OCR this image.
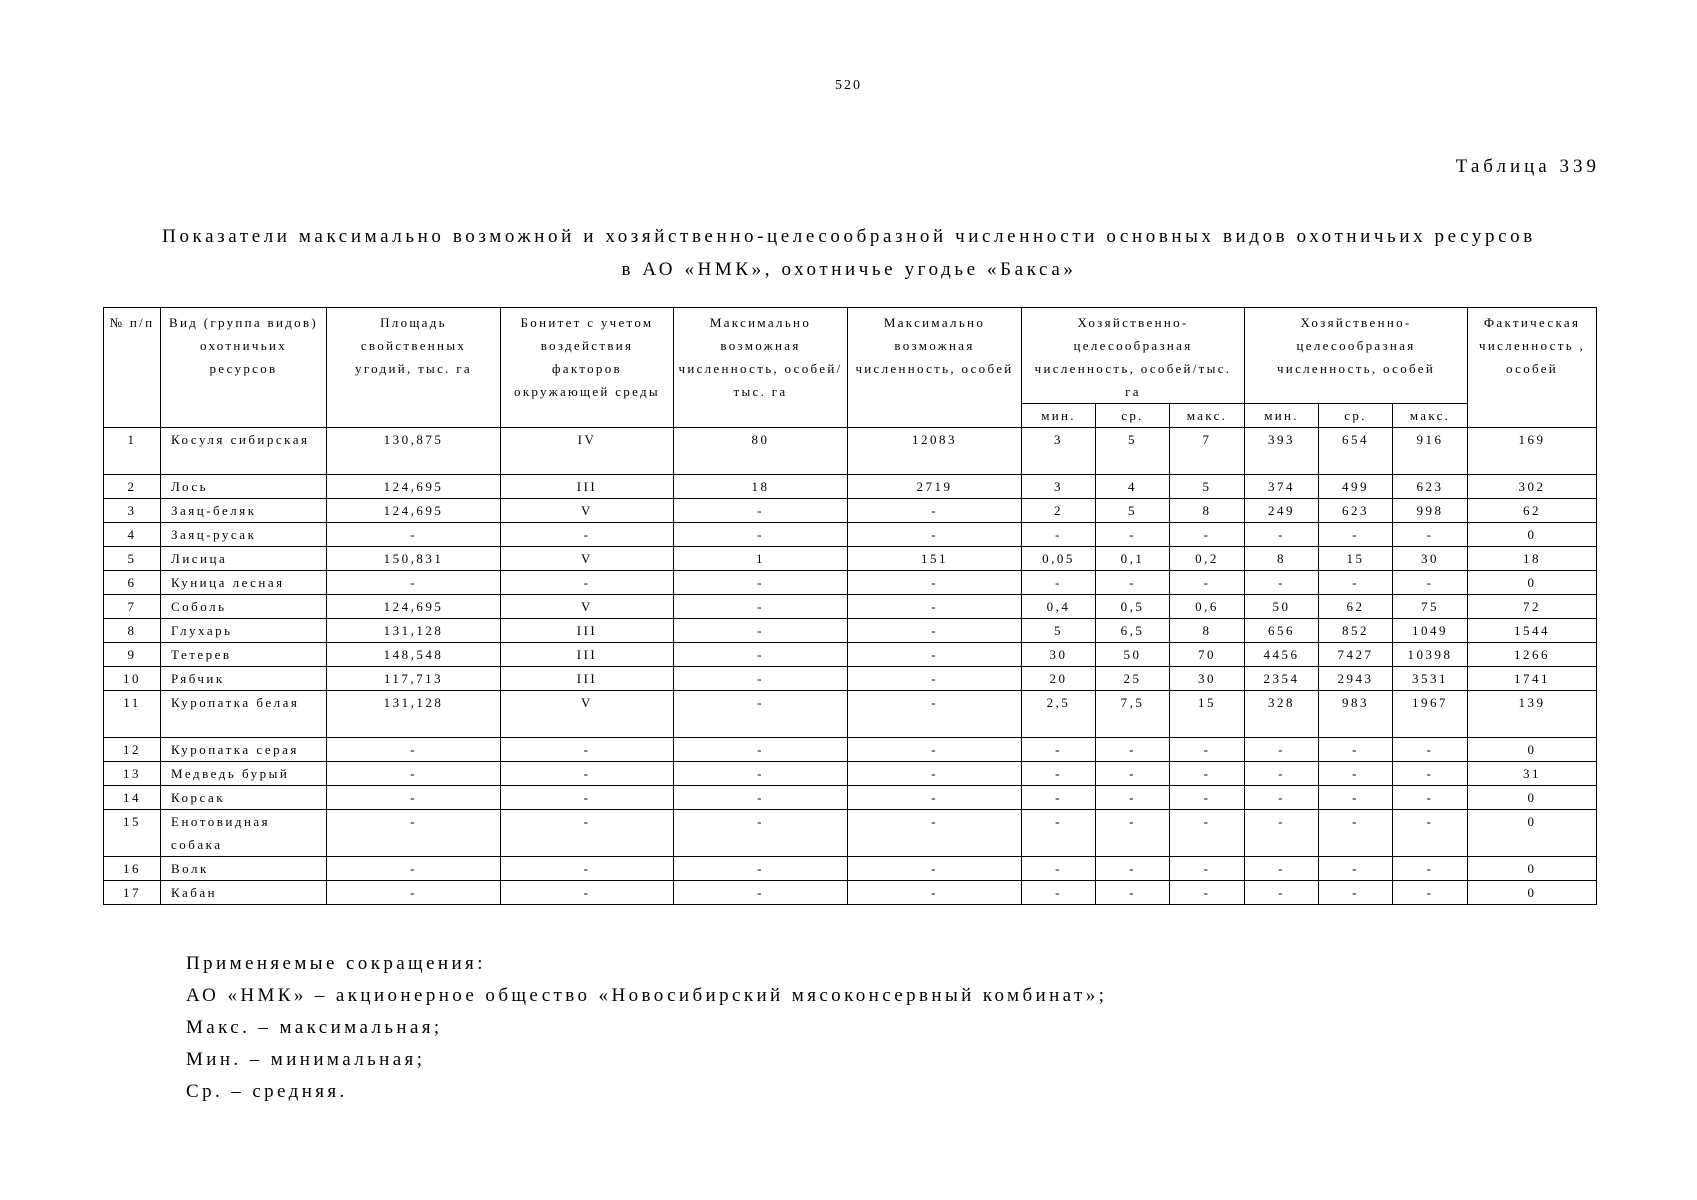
520
Таблица 339
Показатели максимально возможной и хозяйственно-целесообразной численности основных видов охотничьих ресурсов
в АО «НМК», охотничье угодье «Бакса»
№ п/п	Вид (группа видов) охотничьих ресурсов	Площадь свойственных угодий, тыс. га	Бонитет с учетом воздействия факторов окружающей среды	Максимально возможная численность, особей/тыс. га	Максимально возможная численность, особей	Хозяйственно-целесообразная численность, особей/тыс. га			Хозяйственно-целесообразная численность, особей			Фактическая численность , особей
						мин.	ср.	макс.	мин.	ср.	макс.	
1	Косуля сибирская	130,875	IV	80	12083	3	5	7	393	654	916	169
2	Лось	124,695	III	18	2719	3	4	5	374	499	623	302
3	Заяц-беляк	124,695	V	-	-	2	5	8	249	623	998	62
4	Заяц-русак	-	-	-	-	-	-	-	-	-	-	0
5	Лисица	150,831	V	1	151	0,05	0,1	0,2	8	15	30	18
6	Куница лесная	-	-	-	-	-	-	-	-	-	-	0
7	Соболь	124,695	V	-	-	0,4	0,5	0,6	50	62	75	72
8	Глухарь	131,128	III	-	-	5	6,5	8	656	852	1049	1544
9	Тетерев	148,548	III	-	-	30	50	70	4456	7427	10398	1266
10	Рябчик	117,713	III	-	-	20	25	30	2354	2943	3531	1741
11	Куропатка белая	131,128	V	-	-	2,5	7,5	15	328	983	1967	139
12	Куропатка серая	-	-	-	-	-	-	-	-	-	-	0
13	Медведь бурый	-	-	-	-	-	-	-	-	-	-	31
14	Корсак	-	-	-	-	-	-	-	-	-	-	0
15	Енотовидная собака	-	-	-	-	-	-	-	-	-	-	0
16	Волк	-	-	-	-	-	-	-	-	-	-	0
17	Кабан	-	-	-	-	-	-	-	-	-	-	0
Применяемые сокращения:
АО «НМК» – акционерное общество «Новосибирский мясоконсервный комбинат»;
Макс. – максимальная;
Мин. – минимальная;
Ср. – средняя.
